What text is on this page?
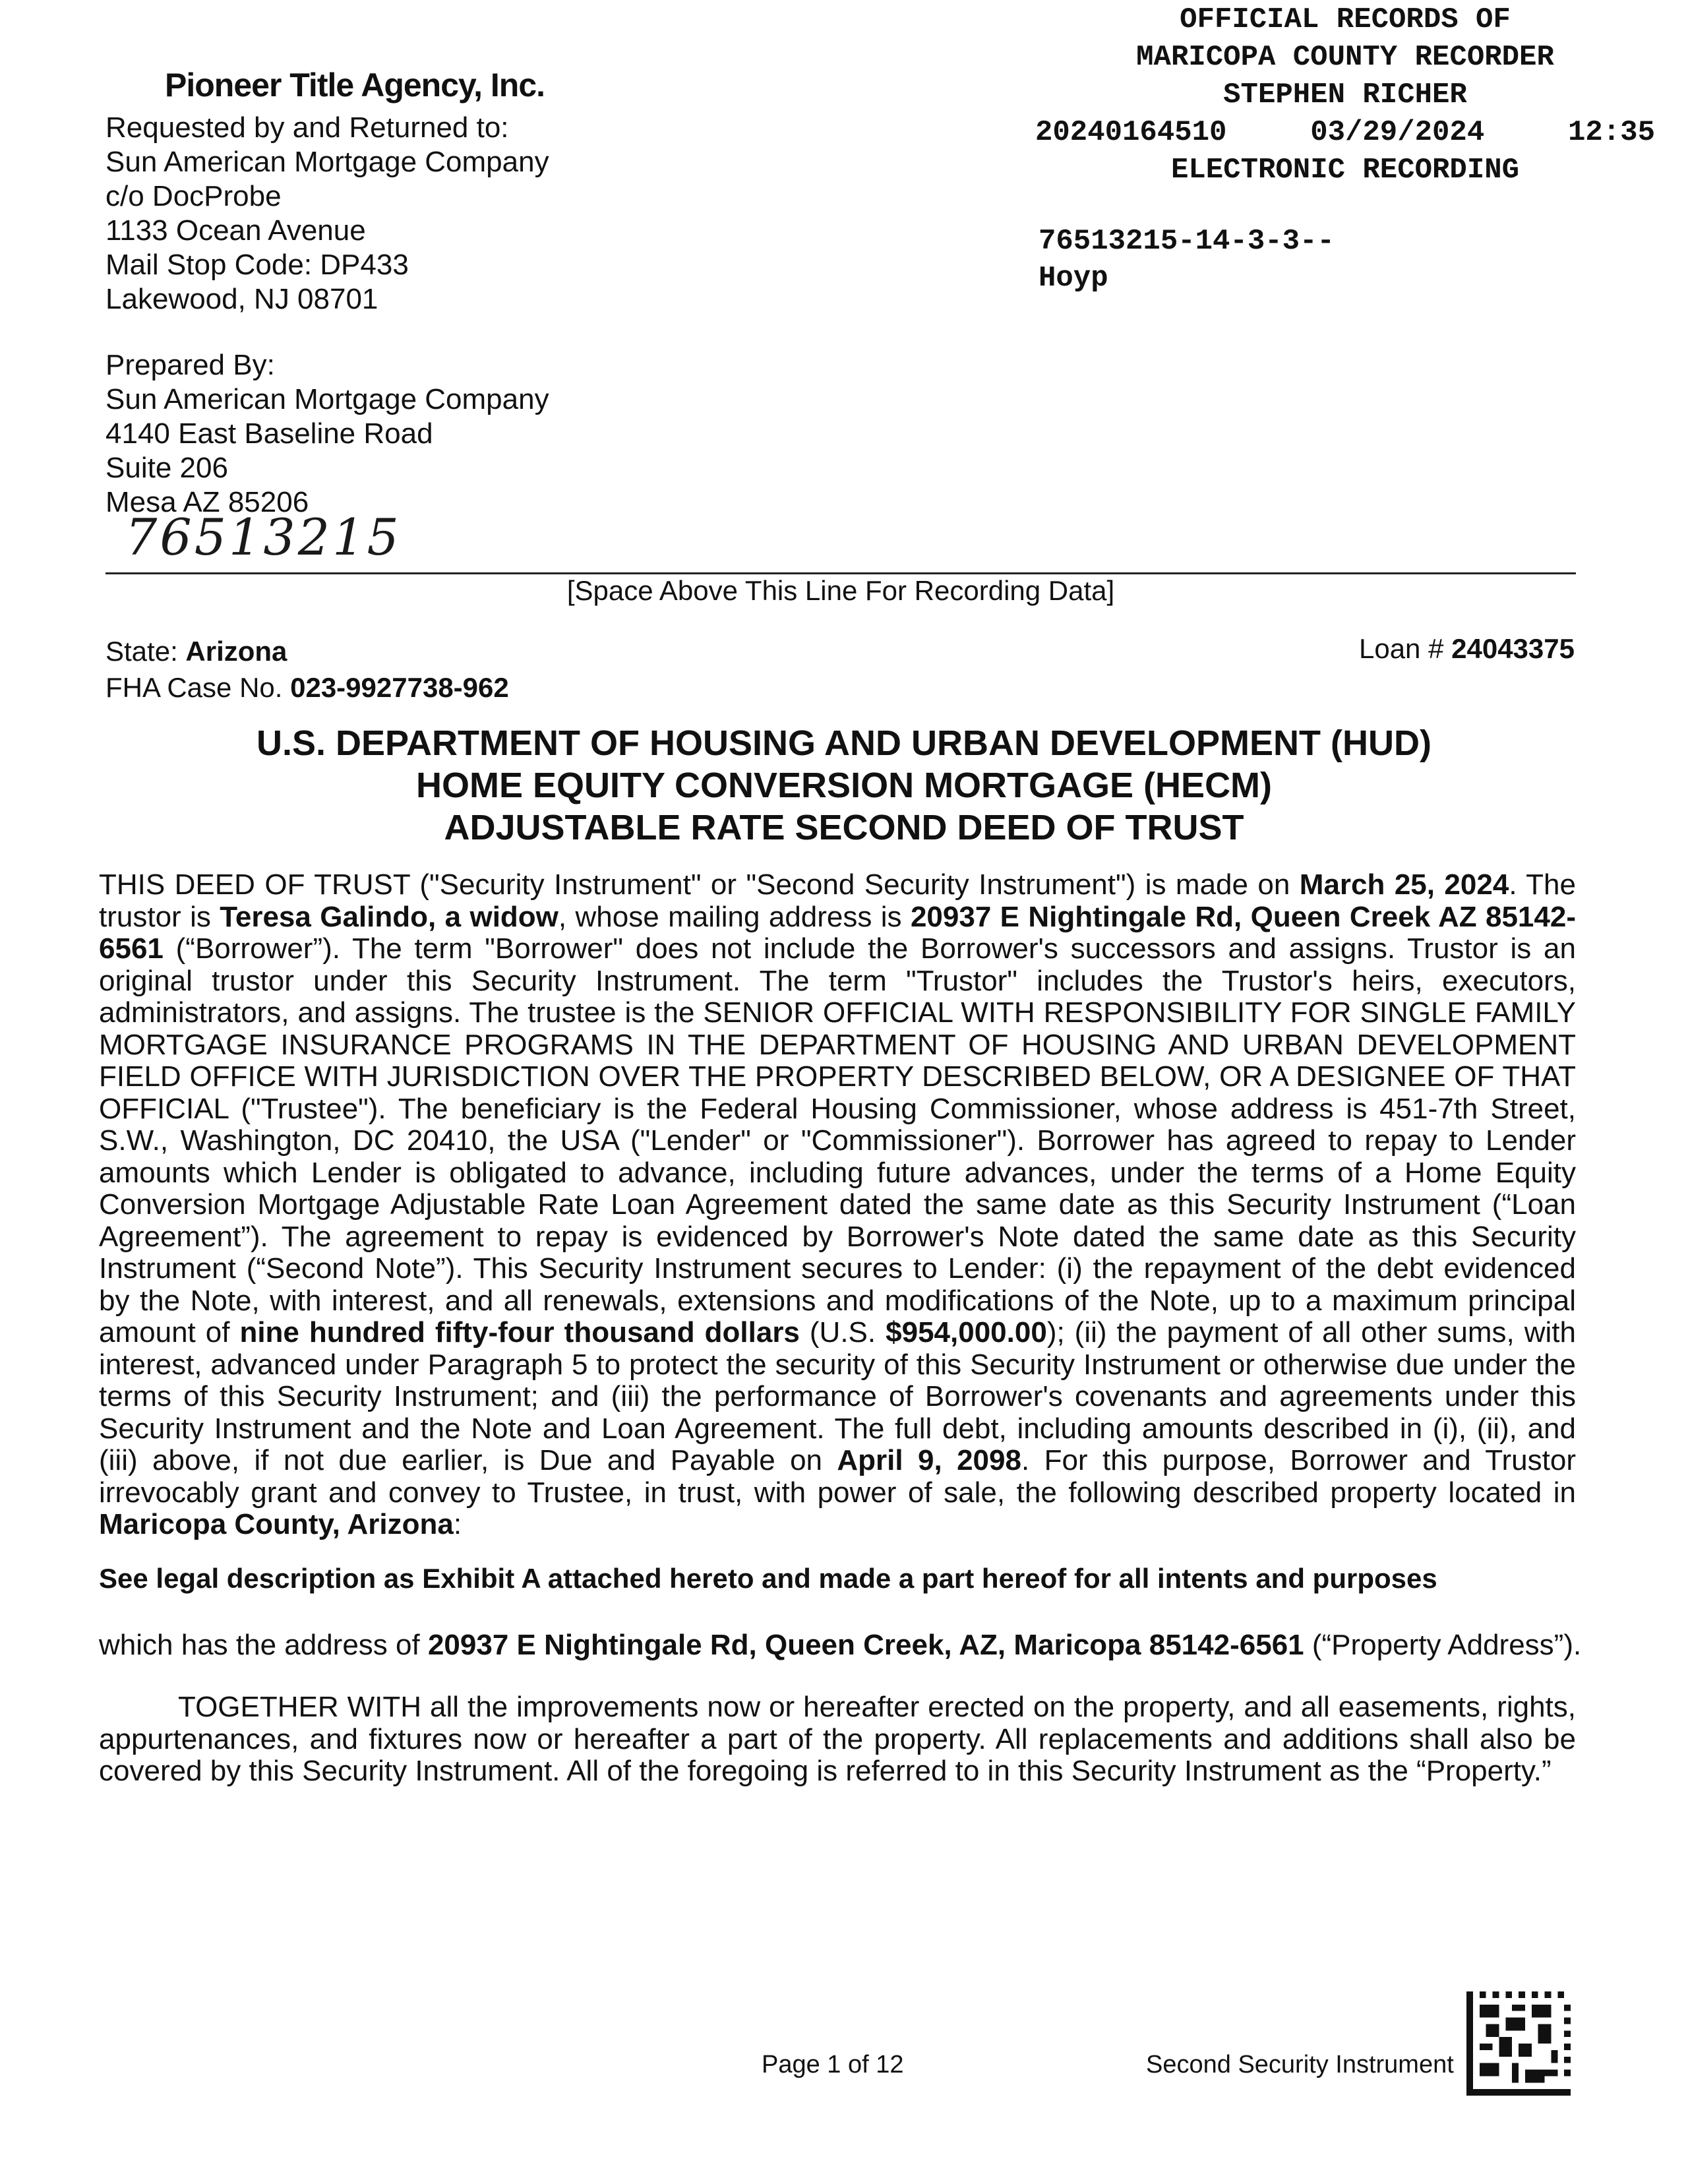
Pioneer Title Agency, Inc.
Requested by and Returned to:
Sun American Mortgage Company
c/o DocProbe
1133 Ocean Avenue
Mail Stop Code: DP433
Lakewood, NJ 08701
Prepared By:
Sun American Mortgage Company
4140 East Baseline Road
Suite 206
Mesa AZ 85206
76513215
OFFICIAL RECORDS OF
MARICOPA COUNTY RECORDER
STEPHEN RICHER
20240164510	03/29/2024	12:35
ELECTRONIC RECORDING
76513215-14-3-3--
Hoyp
[Space Above This Line For Recording Data]
State: Arizona
FHA Case No. 023-9927738-962
Loan # 24043375
U.S. DEPARTMENT OF HOUSING AND URBAN DEVELOPMENT (HUD)
HOME EQUITY CONVERSION MORTGAGE (HECM)
ADJUSTABLE RATE SECOND DEED OF TRUST

THIS DEED OF TRUST ("Security Instrument" or "Second Security Instrument") is made on March 25, 2024. The trustor is Teresa Galindo, a widow, whose mailing address is 20937 E Nightingale Rd, Queen Creek AZ 85142-6561 (“Borrower”). The term "Borrower" does not include the Borrower's successors and assigns. Trustor is an original trustor under this Security Instrument. The term "Trustor" includes the Trustor's heirs, executors, administrators, and assigns. The trustee is the SENIOR OFFICIAL WITH RESPONSIBILITY FOR SINGLE FAMILY MORTGAGE INSURANCE PROGRAMS IN THE DEPARTMENT OF HOUSING AND URBAN DEVELOPMENT FIELD OFFICE WITH JURISDICTION OVER THE PROPERTY DESCRIBED BELOW, OR A DESIGNEE OF THAT OFFICIAL ("Trustee"). The beneficiary is the Federal Housing Commissioner, whose address is 451-7th Street, S.W., Washington, DC 20410, the USA ("Lender" or "Commissioner"). Borrower has agreed to repay to Lender amounts which Lender is obligated to advance, including future advances, under the terms of a Home Equity Conversion Mortgage Adjustable Rate Loan Agreement dated the same date as this Security Instrument (“Loan Agreement”). The agreement to repay is evidenced by Borrower's Note dated the same date as this Security Instrument (“Second Note”). This Security Instrument secures to Lender: (i) the repayment of the debt evidenced by the Note, with interest, and all renewals, extensions and modifications of the Note, up to a maximum principal amount of nine hundred fifty-four thousand dollars (U.S. $954,000.00); (ii) the payment of all other sums, with interest, advanced under Paragraph 5 to protect the security of this Security Instrument or otherwise due under the terms of this Security Instrument; and (iii) the performance of Borrower's covenants and agreements under this Security Instrument and the Note and Loan Agreement. The full debt, including amounts described in (i), (ii), and (iii) above, if not due earlier, is Due and Payable on April 9, 2098. For this purpose, Borrower and Trustor irrevocably grant and convey to Trustee, in trust, with power of sale, the following described property located in Maricopa County, Arizona:

See legal description as Exhibit A attached hereto and made a part hereof for all intents and purposes
which has the address of 20937 E Nightingale Rd, Queen Creek, AZ, Maricopa 85142-6561 (“Property Address”).

TOGETHER WITH all the improvements now or hereafter erected on the property, and all easements, rights, appurtenances, and fixtures now or hereafter a part of the property. All replacements and additions shall also be covered by this Security Instrument. All of the foregoing is referred to in this Security Instrument as the “Property.”

Page 1 of 12	Second Security Instrument
